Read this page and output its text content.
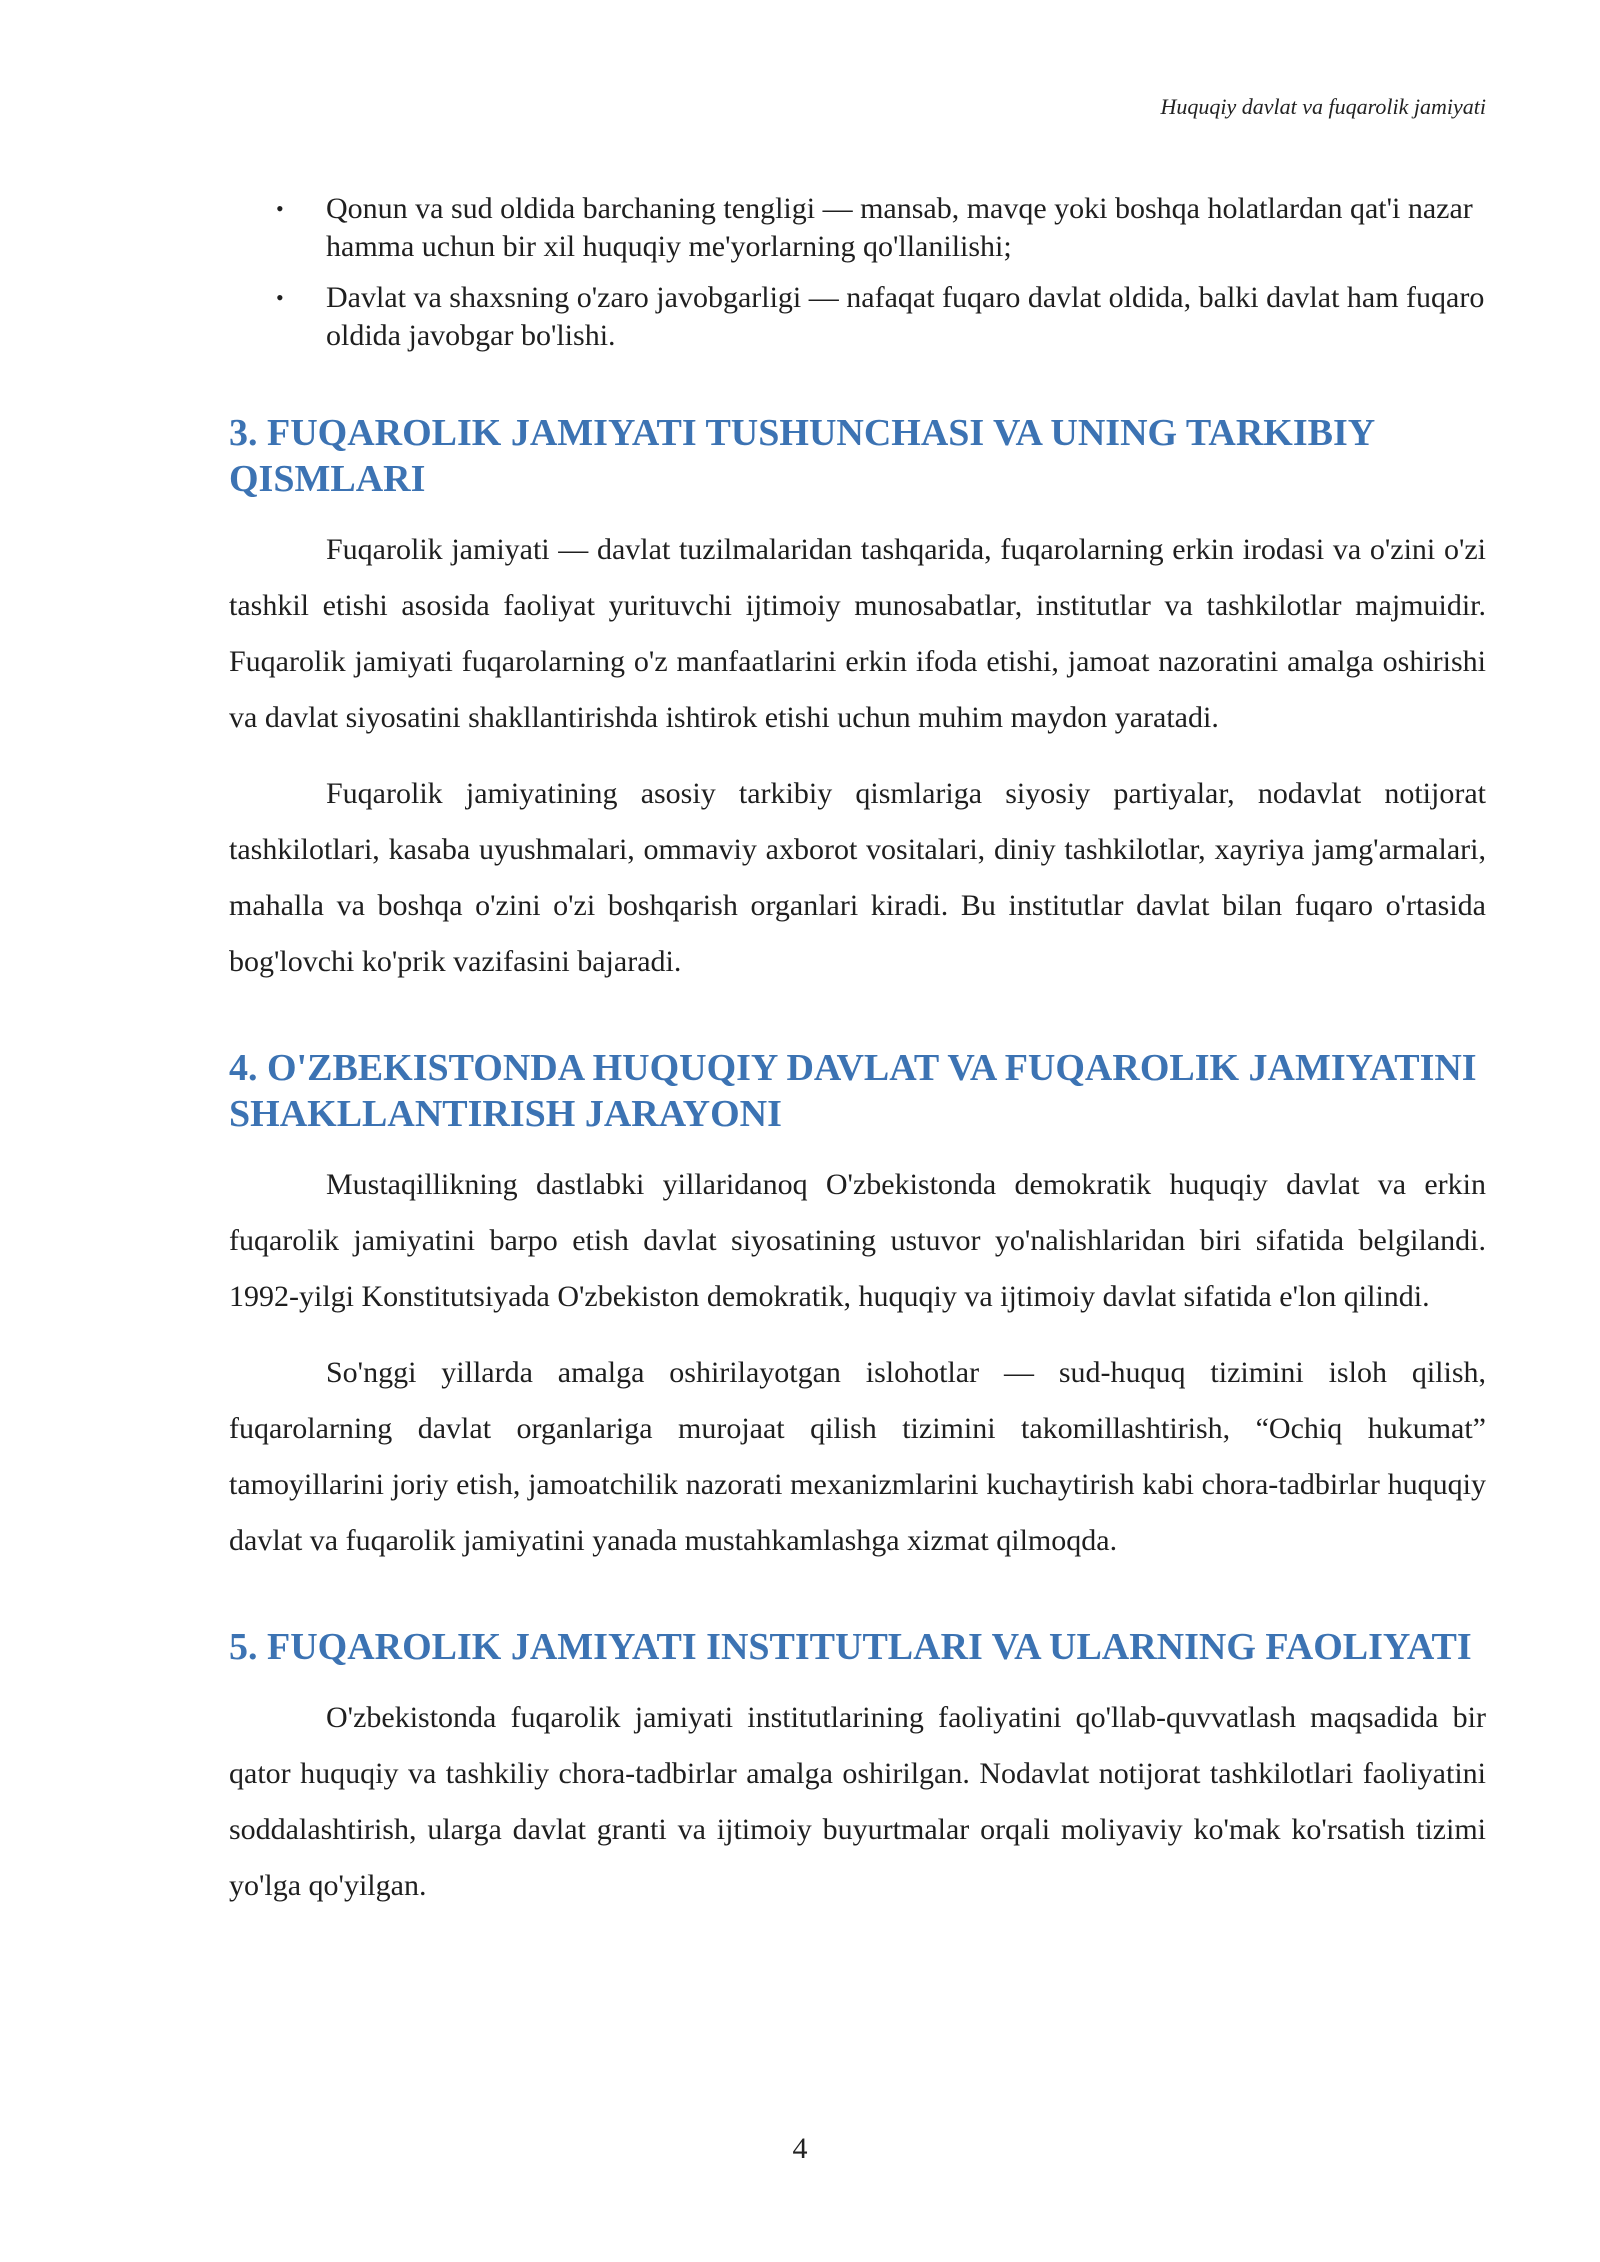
Huquqiy davlat va fuqarolik jamiyati
• Qonun va sud oldida barchaning tengligi — mansab, mavqe yoki boshqa holatlardan qat'i nazar hamma uchun bir xil huquqiy me'yorlarning qo'llanilishi;
• Davlat va shaxsning o'zaro javobgarligi — nafaqat fuqaro davlat oldida, balki davlat ham fuqaro oldida javobgar bo'lishi.
3. FUQAROLIK JAMIYATI TUSHUNCHASI VA UNING TARKIBIY QISMLARI

Fuqarolik jamiyati — davlat tuzilmalaridan tashqarida, fuqarolarning erkin irodasi va o'zini o'zi tashkil etishi asosida faoliyat yurituvchi ijtimoiy munosabatlar, institutlar va tashkilotlar majmuidir. Fuqarolik jamiyati fuqarolarning o'z manfaatlarini erkin ifoda etishi, jamoat nazoratini amalga oshirishi va davlat siyosatini shakllantirishda ishtirok etishi uchun muhim maydon yaratadi.

Fuqarolik jamiyatining asosiy tarkibiy qismlariga siyosiy partiyalar, nodavlat notijorat tashkilotlari, kasaba uyushmalari, ommaviy axborot vositalari, diniy tashkilotlar, xayriya jamg'armalari, mahalla va boshqa o'zini o'zi boshqarish organlari kiradi. Bu institutlar davlat bilan fuqaro o'rtasida bog'lovchi ko'prik vazifasini bajaradi.

4. O'ZBEKISTONDA HUQUQIY DAVLAT VA FUQAROLIK JAMIYATINI SHAKLLANTIRISH JARAYONI

Mustaqillikning dastlabki yillaridanoq O'zbekistonda demokratik huquqiy davlat va erkin fuqarolik jamiyatini barpo etish davlat siyosatining ustuvor yo'nalishlaridan biri sifatida belgilandi. 1992-yilgi Konstitutsiyada O'zbekiston demokratik, huquqiy va ijtimoiy davlat sifatida e'lon qilindi.

So'nggi yillarda amalga oshirilayotgan islohotlar — sud-huquq tizimini isloh qilish, fuqarolarning davlat organlariga murojaat qilish tizimini takomillashtirish, “Ochiq hukumat” tamoyillarini joriy etish, jamoatchilik nazorati mexanizmlarini kuchaytirish kabi chora-tadbirlar huquqiy davlat va fuqarolik jamiyatini yanada mustahkamlashga xizmat qilmoqda.

5. FUQAROLIK JAMIYATI INSTITUTLARI VA ULARNING FAOLIYATI

O'zbekistonda fuqarolik jamiyati institutlarining faoliyatini qo'llab-quvvatlash maqsadida bir qator huquqiy va tashkiliy chora-tadbirlar amalga oshirilgan. Nodavlat notijorat tashkilotlari faoliyatini soddalashtirish, ularga davlat granti va ijtimoiy buyurtmalar orqali moliyaviy ko'mak ko'rsatish tizimi yo'lga qo'yilgan.

4
